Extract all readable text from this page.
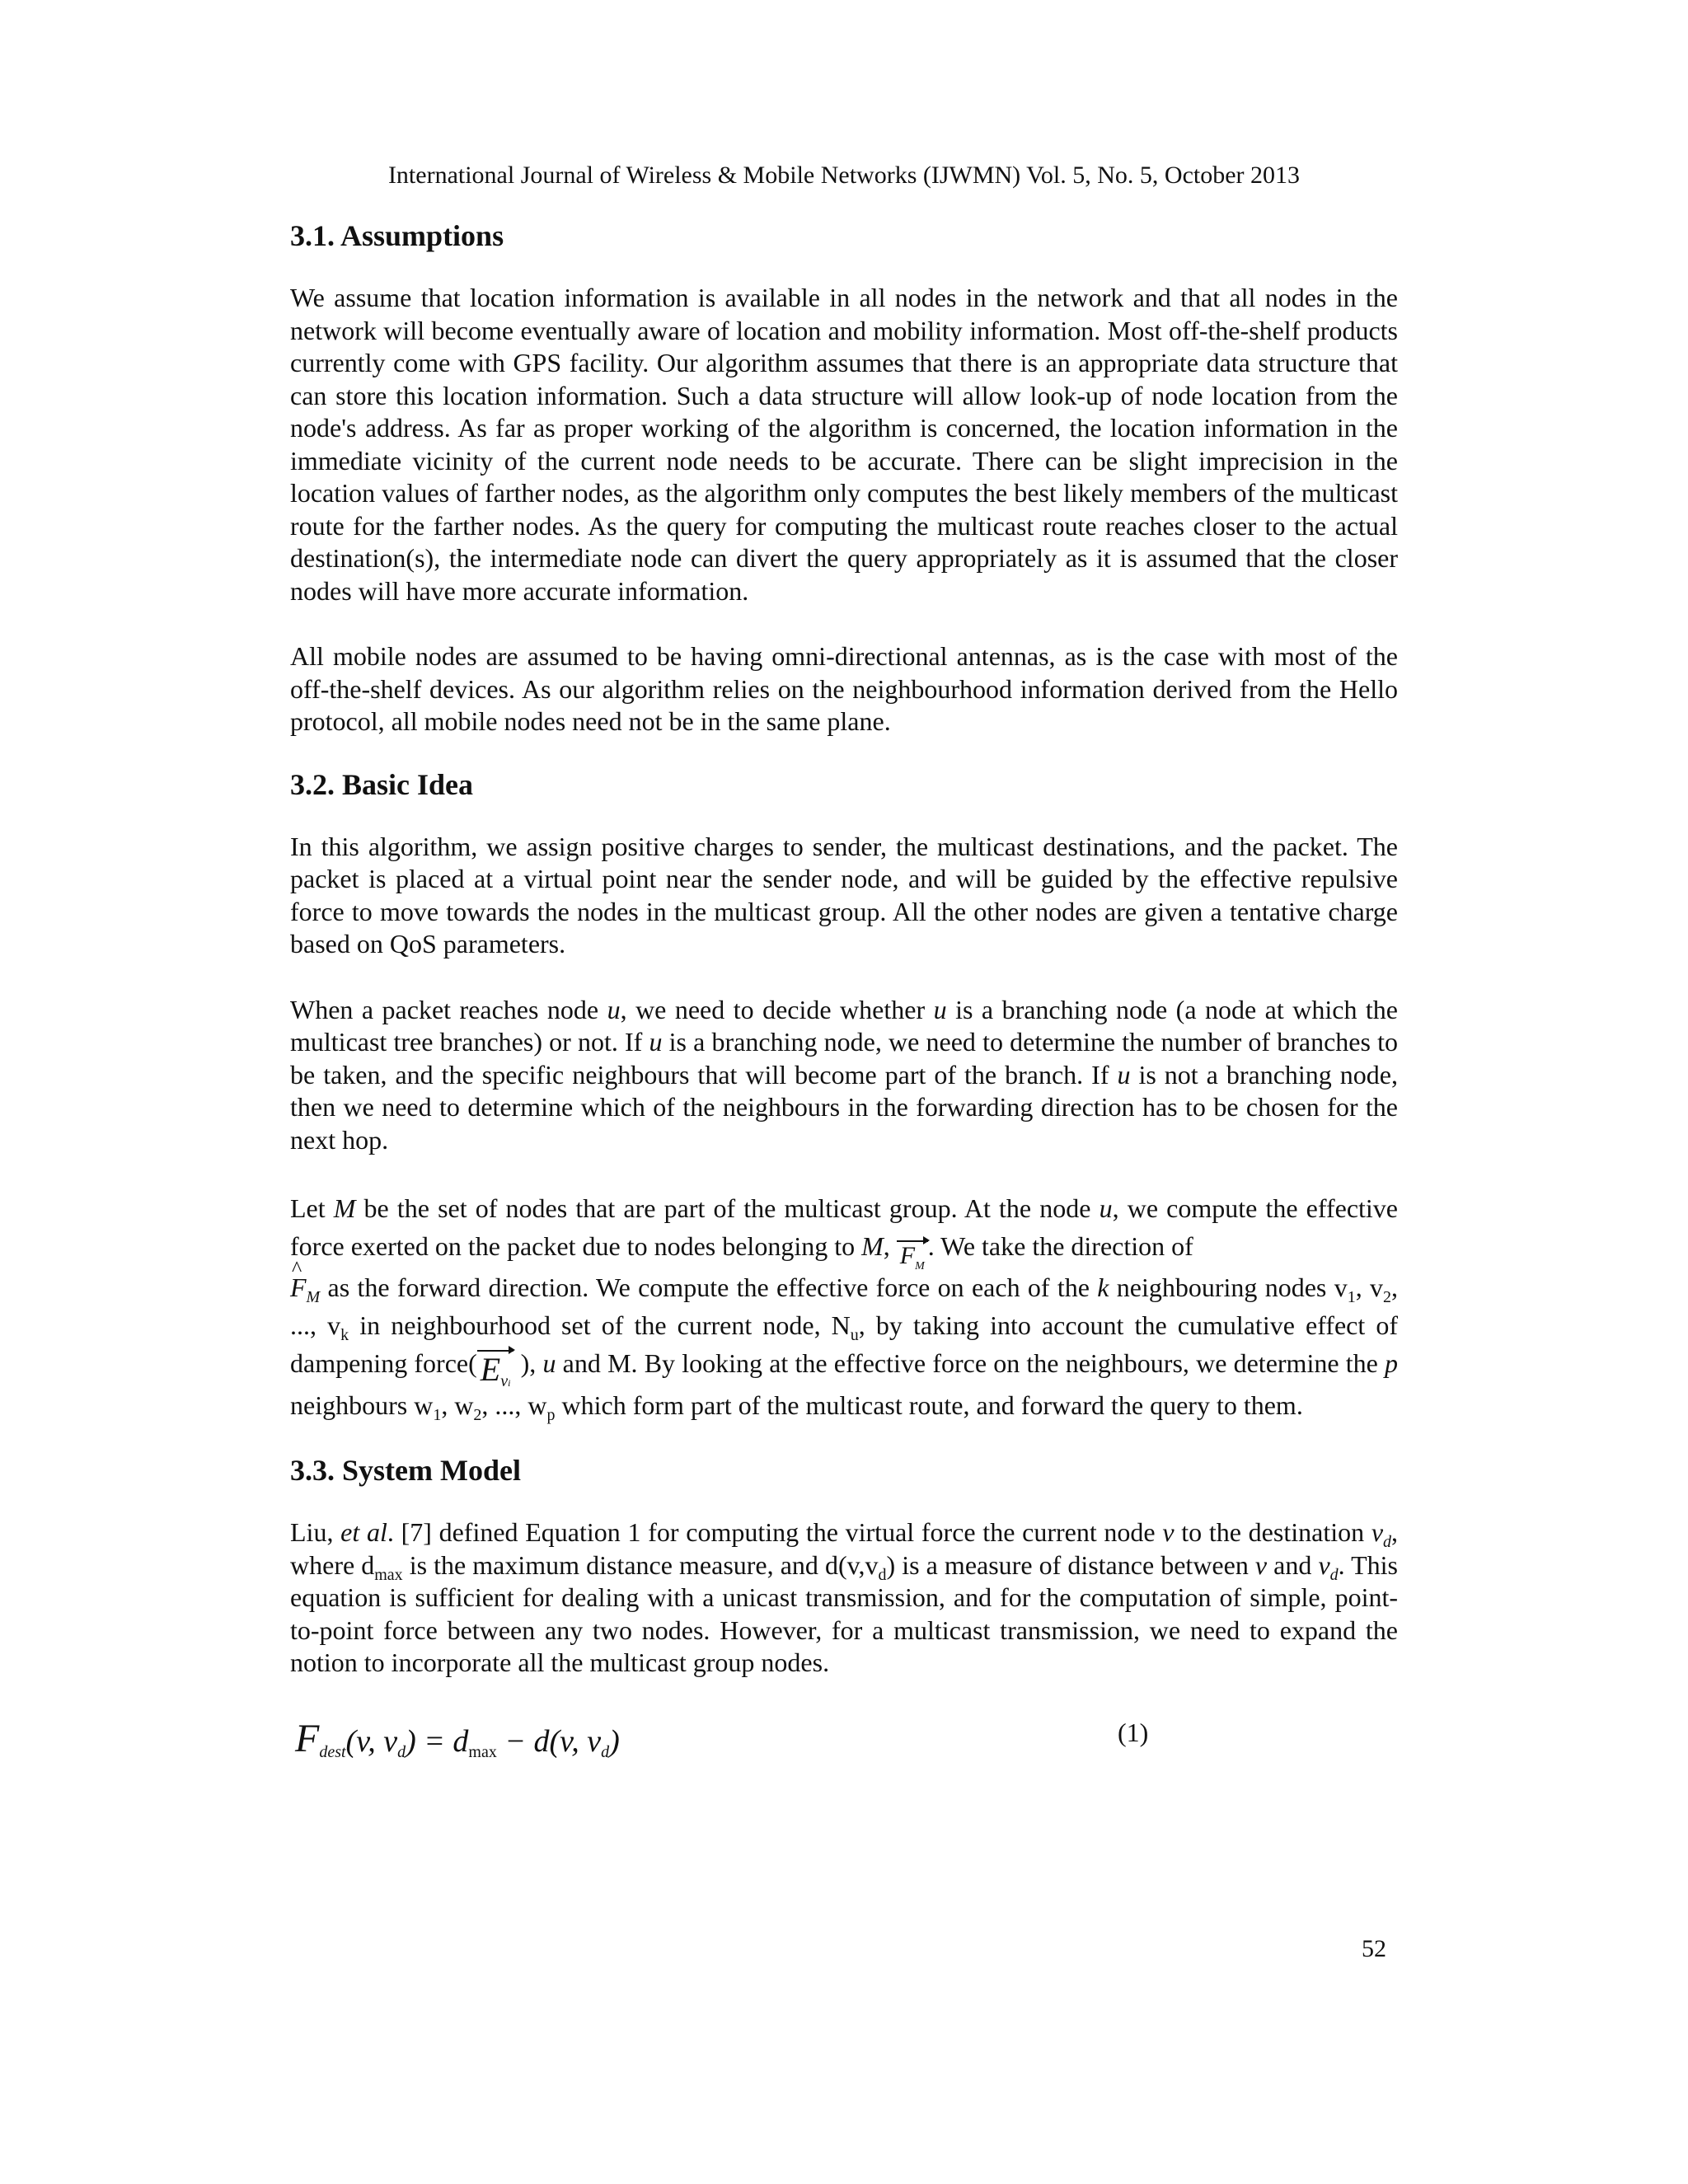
International Journal of Wireless & Mobile Networks (IJWMN) Vol. 5, No. 5, October 2013
3.1. Assumptions

We assume that location information is available in all nodes in the network and that all nodes in the network will become eventually aware of location and mobility information. Most off-the-shelf products currently come with GPS facility. Our algorithm assumes that there is an appropriate data structure that can store this location information. Such a data structure will allow look-up of node location from the node's address. As far as proper working of the algorithm is concerned, the location information in the immediate vicinity of the current node needs to be accurate. There can be slight imprecision in the location values of farther nodes, as the algorithm only computes the best likely members of the multicast route for the farther nodes. As the query for computing the multicast route reaches closer to the actual destination(s), the intermediate node can divert the query appropriately as it is assumed that the closer nodes will have more accurate information.

All mobile nodes are assumed to be having omni-directional antennas, as is the case with most of the off-the-shelf devices. As our algorithm relies on the neighbourhood information derived from the Hello protocol, all mobile nodes need not be in the same plane.

3.2. Basic Idea

In this algorithm, we assign positive charges to sender, the multicast destinations, and the packet. The packet is placed at a virtual point near the sender node, and will be guided by the effective repulsive force to move towards the nodes in the multicast group. All the other nodes are given a tentative charge based on QoS parameters.

When a packet reaches node u, we need to decide whether u is a branching node (a node at which the multicast tree branches) or not. If u is a branching node, we need to determine the number of branches to be taken, and the specific neighbours that will become part of the branch. If u is not a branching node, then we need to determine which of the neighbours in the forwarding direction has to be chosen for the next hop.

Let M be the set of nodes that are part of the multicast group. At the node u, we compute the effective force exerted on the packet due to nodes belonging to M, $F_M$. We take the direction of
^ $F_M$ as the forward direction. We compute the effective force on each of the k neighbouring nodes $v_1$, $v_2$, ..., $v_k$ in neighbourhood set of the current node, $N_u$, by taking into account the cumulative effect of dampening force( $E_{vi}$ ), u and M. By looking at the effective force on the neighbours, we determine the p neighbours $w_1$, $w_2$, ..., $w_p$ which form part of the multicast route, and forward the query to them.

3.3. System Model

Liu, et al. [7] defined Equation 1 for computing the virtual force the current node v to the destination $v_d$, where $d_{max}$ is the maximum distance measure, and $d(v,v_d)$ is a measure of distance between v and $v_d$. This equation is sufficient for dealing with a unicast transmission, and for the computation of simple, point-to-point force between any two nodes. However, for a multicast transmission, we need to expand the notion to incorporate all the multicast group nodes.

$F_{dest}(v$, $v_d) = d_{max} - d(v$, $v_d$)	(1)
52
